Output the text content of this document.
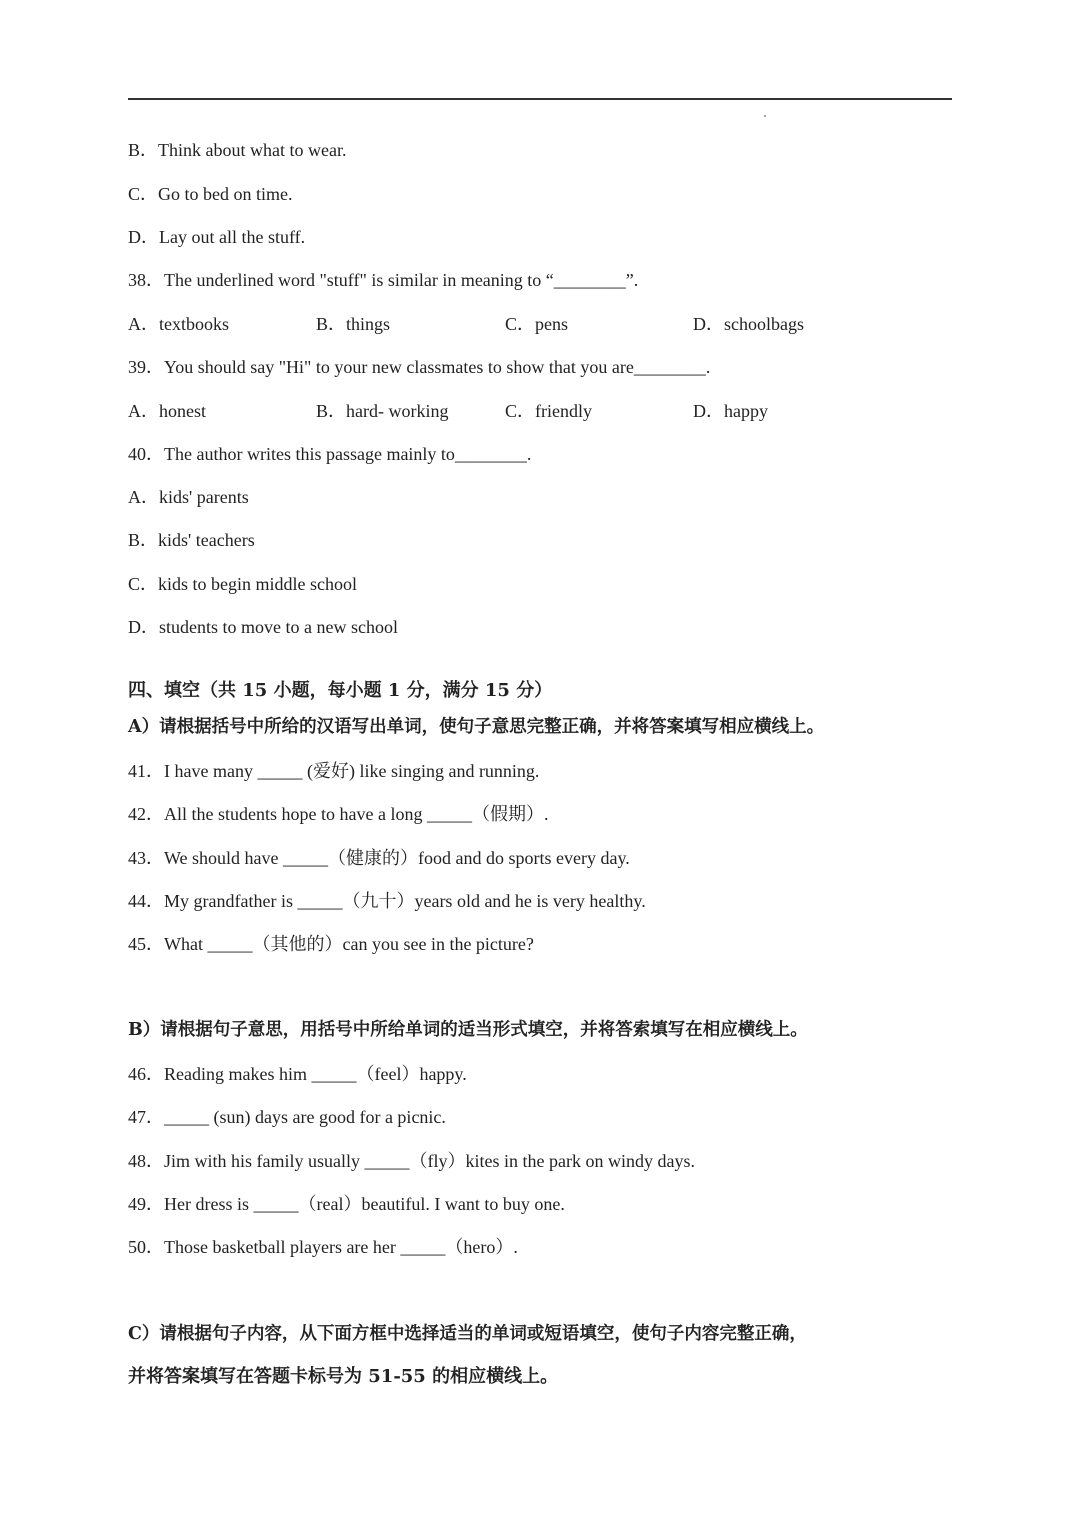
B．Think about what to wear.
C．Go to bed on time.
D．Lay out all the stuff.
38．The underlined word "stuff" is similar in meaning to “________”.
A．textbooks	B．things	C．pens	D．schoolbags
39．You should say "Hi" to your new classmates to show that you are________.
A．honest	B．hard- working	C．friendly	D．happy
40．The author writes this passage mainly to________.
A．kids' parents
B．kids' teachers
C．kids to begin middle school
D．students to move to a new school
四、填空（共 15 小题，每小题 1 分，满分 15 分）
A）请根据括号中所给的汉语写出单词，使句子意思完整正确，并将答案填写相应横线上。
41．I have many _____ (爱好) like singing and running.
42．All the students hope to have a long _____（假期）.
43．We should have _____（健康的）food and do sports every day.
44．My grandfather is _____（九十）years old and he is very healthy.
45．What _____（其他的）can you see in the picture?
B）请根据句子意思，用括号中所给单词的适当形式填空，并将答索填写在相应横线上。
46．Reading makes him _____（feel）happy.
47．_____ (sun) days are good for a picnic.
48．Jim with his family usually _____（fly）kites in the park on windy days.
49．Her dress is _____（real）beautiful. I want to buy one.
50．Those basketball players are her _____（hero）.
C）请根据句子内容，从下面方框中选择适当的单词或短语填空，使句子内容完整正确，
并将答案填写在答题卡标号为 51-55 的相应横线上。
